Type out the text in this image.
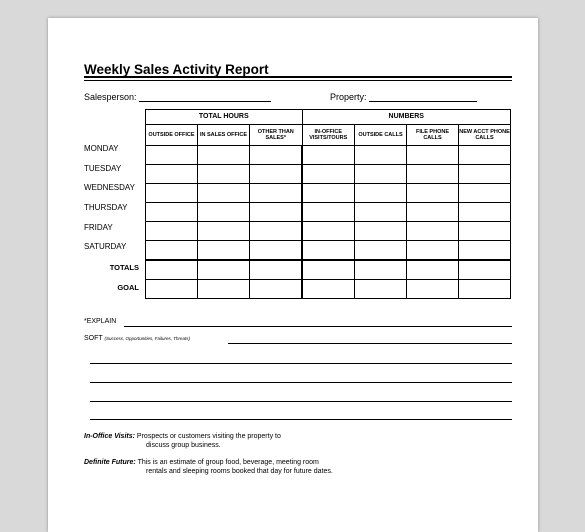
Weekly Sales Activity Report
Salesperson:	Property:
TOTAL HOURS			NUMBERS			
OUTSIDE OFFICE	IN SALES OFFICE	OTHER THAN SALES*	IN-OFFICE VISITS/TOURS	OUTSIDE CALLS	FILE PHONE CALLS	NEW ACCT PHONE CALLS

MONDAY
TUESDAY
WEDNESDAY
THURSDAY
FRIDAY
SATURDAY
TOTALS
GOAL
*EXPLAIN
SOFT (Success, Opportunities, Failures, Threats)
In-Office Visits: Prospects or customers visiting the property to
discuss group business.
Definite Future: This is an estimate of group food, beverage, meeting room
rentals and sleeping rooms booked that day for future dates.
